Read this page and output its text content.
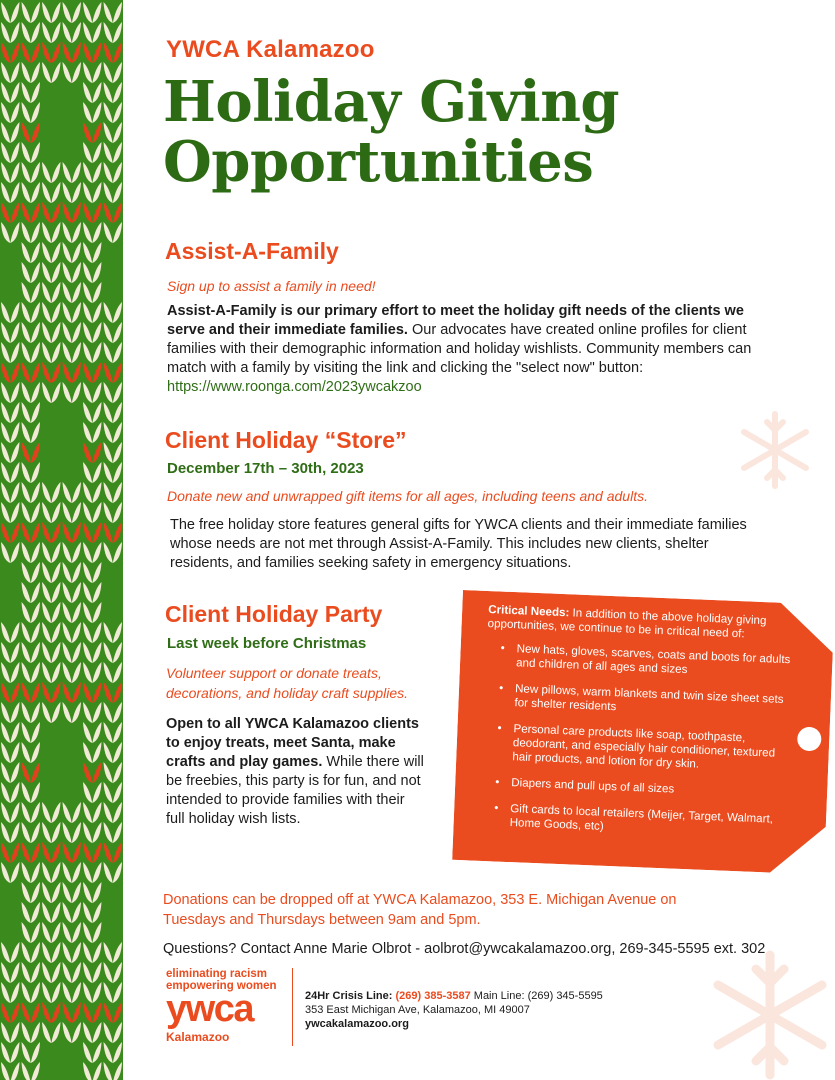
YWCA Kalamazoo
Holiday Giving
Opportunities
Assist-A-Family
Sign up to assist a family in need!
Assist-A-Family is our primary effort to meet the holiday gift needs of the clients we serve and their immediate families. Our advocates have created online profiles for client families with their demographic information and holiday wishlists. Community members can match with a family by visiting the link and clicking the "select now" button:
https://www.roonga.com/2023ywcakzoo
Client Holiday “Store”
December 17th – 30th, 2023
Donate new and unwrapped gift items for all ages, including teens and adults.
The free holiday store features general gifts for YWCA clients and their immediate families whose needs are not met through Assist-A-Family. This includes new clients, shelter residents, and families seeking safety in emergency situations.
Client Holiday Party
Last week before Christmas
Volunteer support or donate treats, decorations, and holiday craft supplies.
Open to all YWCA Kalamazoo clients to enjoy treats, meet Santa, make crafts and play games. While there will be freebies, this party is for fun, and not intended to provide families with their full holiday wish lists.
Critical Needs: In addition to the above holiday giving opportunities, we continue to be in critical need of:
• New hats, gloves, scarves, coats and boots for adults and children of all ages and sizes
• New pillows, warm blankets and twin size sheet sets for shelter residents
• Personal care products like soap, toothpaste, deodorant, and especially hair conditioner, textured hair products, and lotion for dry skin.
• Diapers and pull ups of all sizes
• Gift cards to local retailers (Meijer, Target, Walmart, Home Goods, etc)
Donations can be dropped off at YWCA Kalamazoo, 353 E. Michigan Avenue on Tuesdays and Thursdays between 9am and 5pm.
Questions? Contact Anne Marie Olbrot - aolbrot@ywcakalamazoo.org, 269-345-5595 ext. 302
eliminating racism
empowering women
ywca
Kalamazoo
24Hr Crisis Line: (269) 385-3587 Main Line: (269) 345-5595
353 East Michigan Ave, Kalamazoo, MI 49007
ywcakalamazoo.org
